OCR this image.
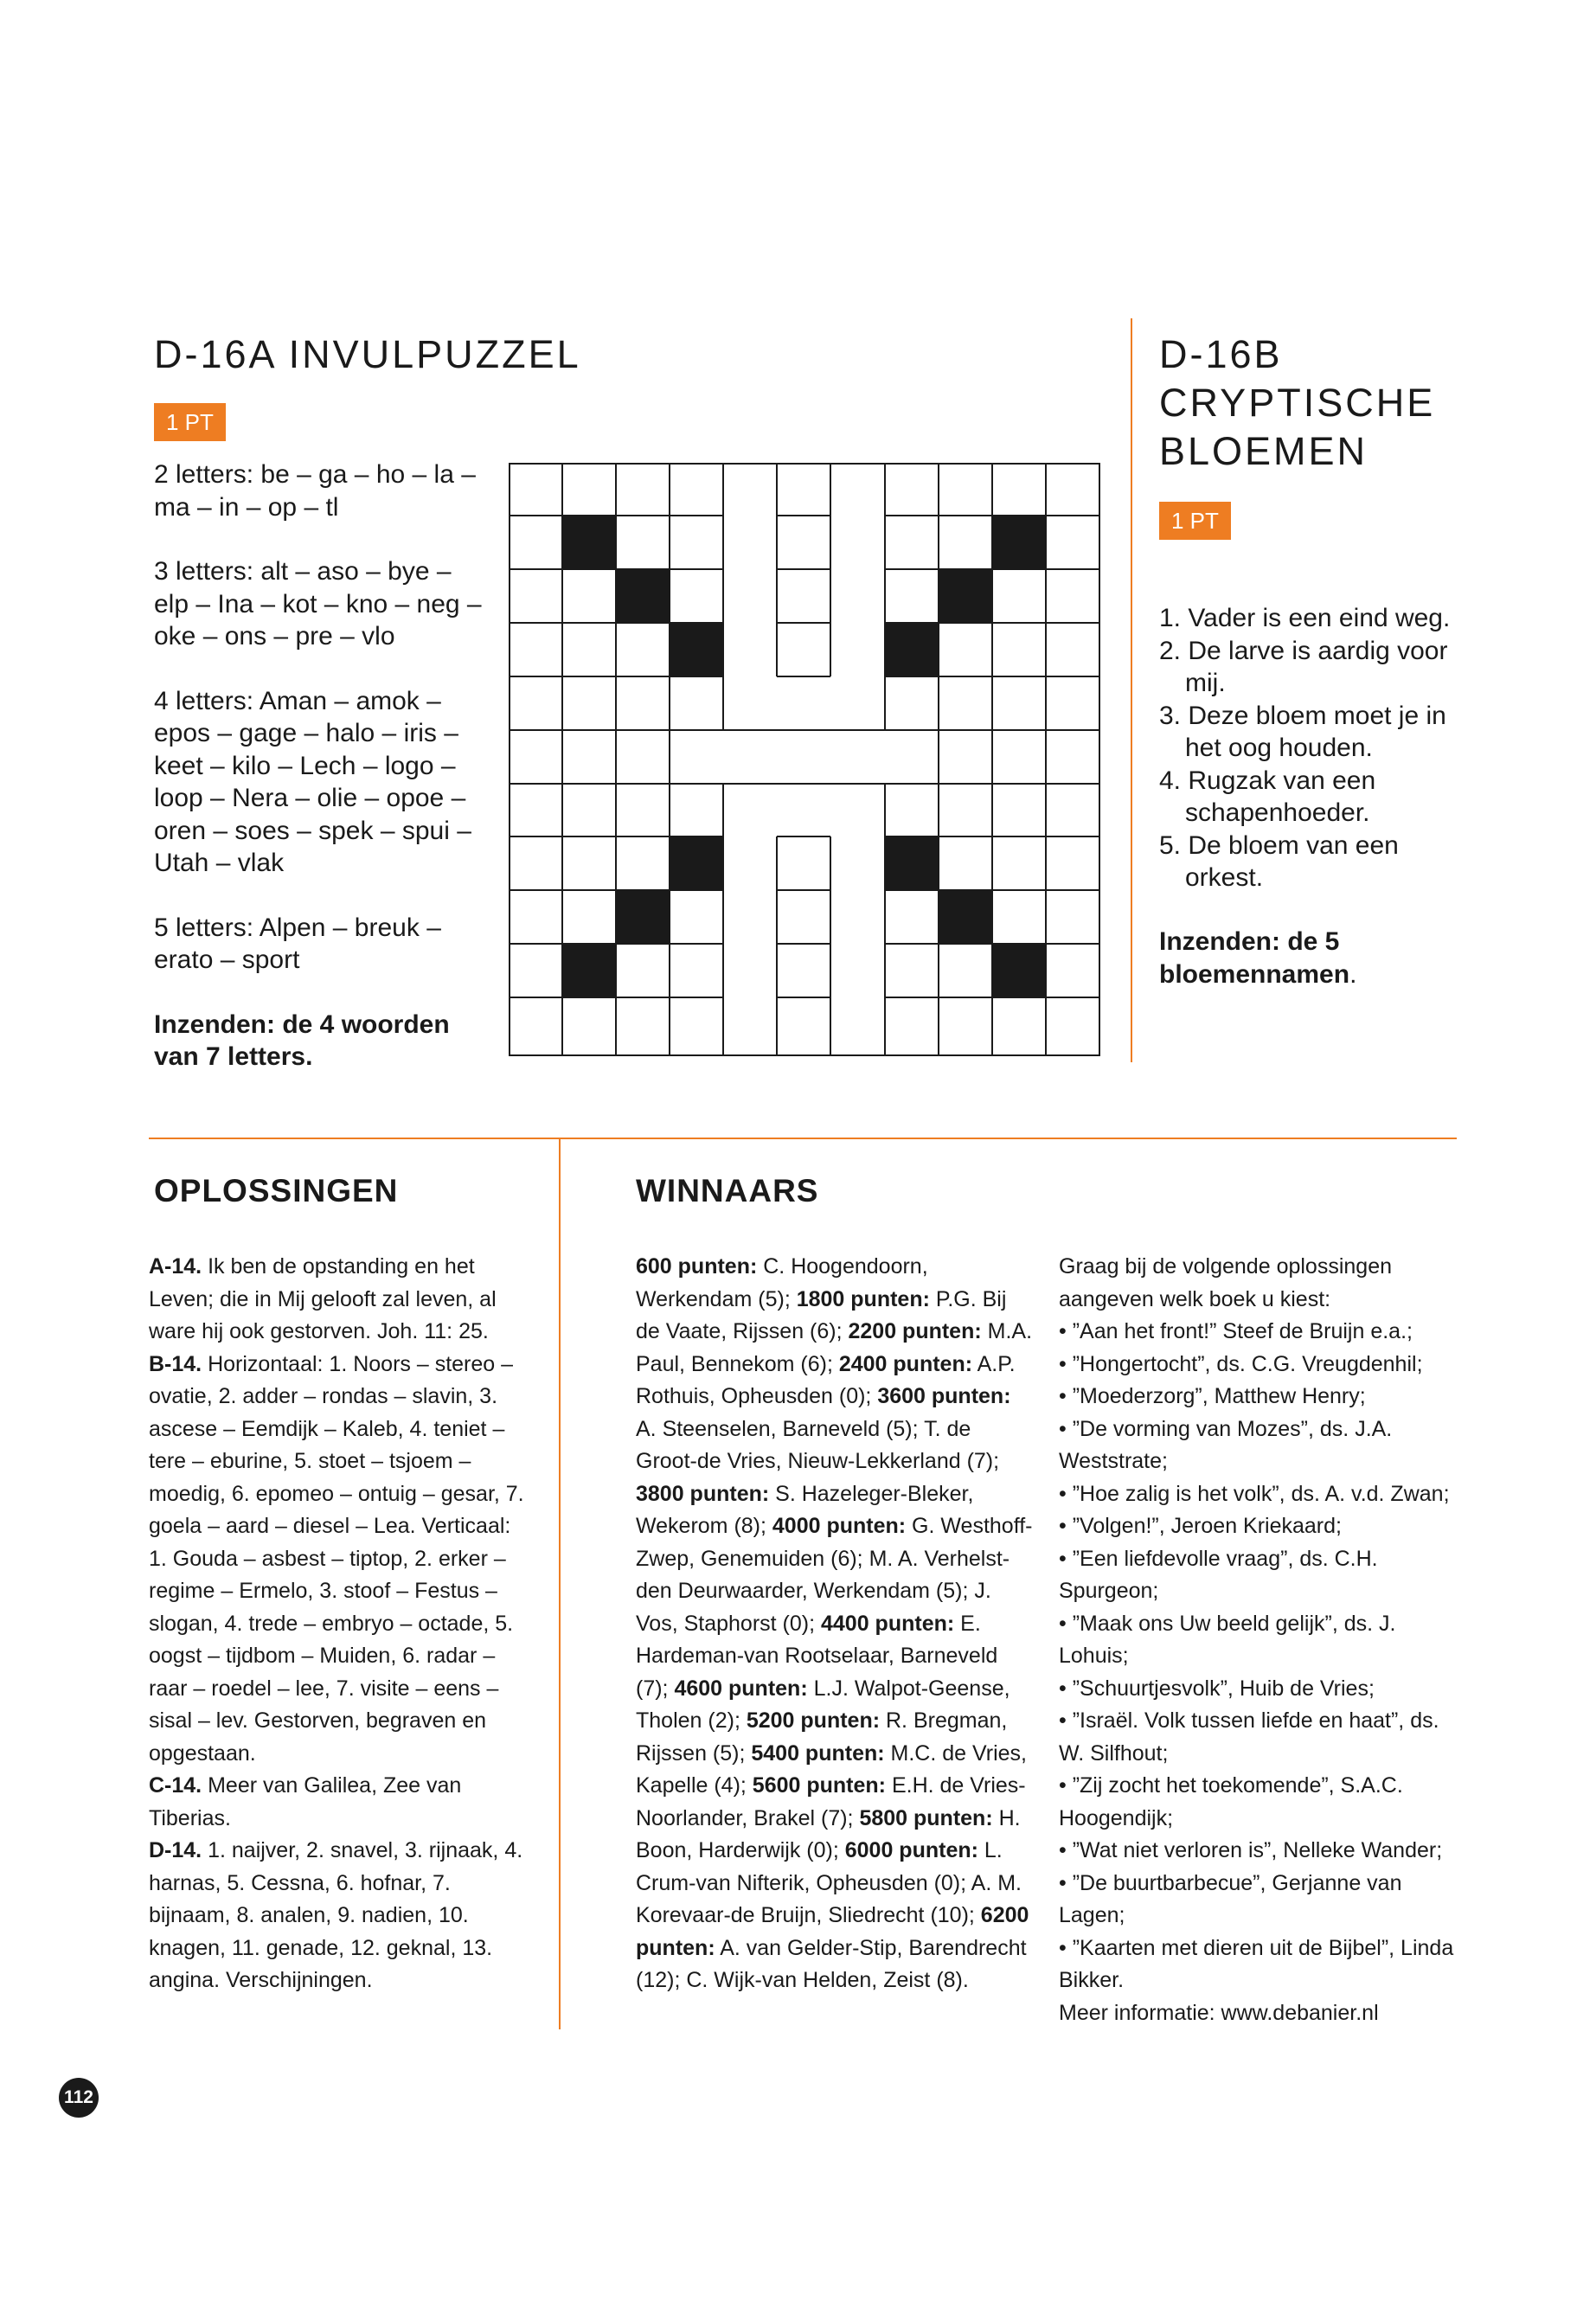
D-16A INVULPUZZEL
1 PT

2 letters: be – ga – ho – la – ma – in – op – tl

3 letters: alt – aso – bye – elp – Ina – kot – kno – neg – oke – ons – pre – vlo

4 letters: Aman – amok – epos – gage – halo – iris – keet – kilo – Lech – logo – loop – Nera – olie – opoe – oren – soes – spek – spui – Utah – vlak

5 letters: Alpen – breuk – erato – sport

Inzenden: de 4 woorden van 7 letters.

D-16B CRYPTISCHE BLOEMEN
1 PT
1. Vader is een eind weg.
2. De larve is aardig voor mij.
3. Deze bloem moet je in het oog houden.
4. Rugzak van een schapenhoeder.
5. De bloem van een orkest.
Inzenden: de 5 bloemennamen.
OPLOSSINGEN

A-14. Ik ben de opstanding en het Leven; die in Mij gelooft zal leven, al ware hij ook gestorven. Joh. 11: 25.

B-14. Horizontaal: 1. Noors – stereo – ovatie, 2. adder – rondas – slavin, 3. ascese – Eemdijk – Kaleb, 4. teniet – tere – eburine, 5. stoet – tsjoem – moedig, 6. epomeo – ontuig – gesar, 7. goela – aard – diesel – Lea. Verticaal: 1. Gouda – asbest – tiptop, 2. erker – regime – Ermelo, 3. stoof – Festus – slogan, 4. trede – embryo – octade, 5. oogst – tijdbom – Muiden, 6. radar – raar – roedel – lee, 7. visite – eens – sisal – lev. Gestorven, begraven en opgestaan.

C-14. Meer van Galilea, Zee van Tiberias.

D-14. 1. naijver, 2. snavel, 3. rijnaak, 4. harnas, 5. Cessna, 6. hofnar, 7. bijnaam, 8. analen, 9. nadien, 10. knagen, 11. genade, 12. geknal, 13. angina. Verschijningen.

WINNAARS

600 punten: C. Hoogendoorn, Werkendam (5); 1800 punten: P.G. Bij de Vaate, Rijssen (6); 2200 punten: M.A. Paul, Bennekom (6); 2400 punten: A.P. Rothuis, Opheusden (0); 3600 punten: A. Steenselen, Barneveld (5); T. de Groot-de Vries, Nieuw-Lekkerland (7); 3800 punten: S. Hazeleger-Bleker, Wekerom (8); 4000 punten: G. Westhoff-Zwep, Genemuiden (6); M. A. Verhelst-den Deurwaarder, Werkendam (5); J. Vos, Staphorst (0); 4400 punten: E. Hardeman-van Rootselaar, Barneveld (7); 4600 punten: L.J. Walpot-Geense, Tholen (2); 5200 punten: R. Bregman, Rijssen (5); 5400 punten: M.C. de Vries, Kapelle (4); 5600 punten: E.H. de Vries-Noorlander, Brakel (7); 5800 punten: H. Boon, Harderwijk (0); 6000 punten: L. Crum-van Nifterik, Opheusden (0); A. M. Korevaar-de Bruijn, Sliedrecht (10); 6200 punten: A. van Gelder-Stip, Barendrecht (12); C. Wijk-van Helden, Zeist (8).

Graag bij de volgende oplossingen aangeven welk boek u kiest:

• ”Aan het front!” Steef de Bruijn e.a.;

• ”Hongertocht”, ds. C.G. Vreugdenhil;

• ”Moederzorg”, Matthew Henry;

• ”De vorming van Mozes”, ds. J.A. Weststrate;

• ”Hoe zalig is het volk”, ds. A. v.d. Zwan;

• ”Volgen!”, Jeroen Kriekaard;

• ”Een liefdevolle vraag”, ds. C.H. Spurgeon;

• ”Maak ons Uw beeld gelijk”, ds. J. Lohuis;

• ”Schuurtjesvolk”, Huib de Vries;

• ”Israël. Volk tussen liefde en haat”, ds. W. Silfhout;

• ”Zij zocht het toekomende”, S.A.C. Hoogendijk;

• ”Wat niet verloren is”, Nelleke Wander;

• ”De buurtbarbecue”, Gerjanne van Lagen;

• ”Kaarten met dieren uit de Bijbel”, Linda Bikker.

Meer informatie: www.debanier.nl

112
